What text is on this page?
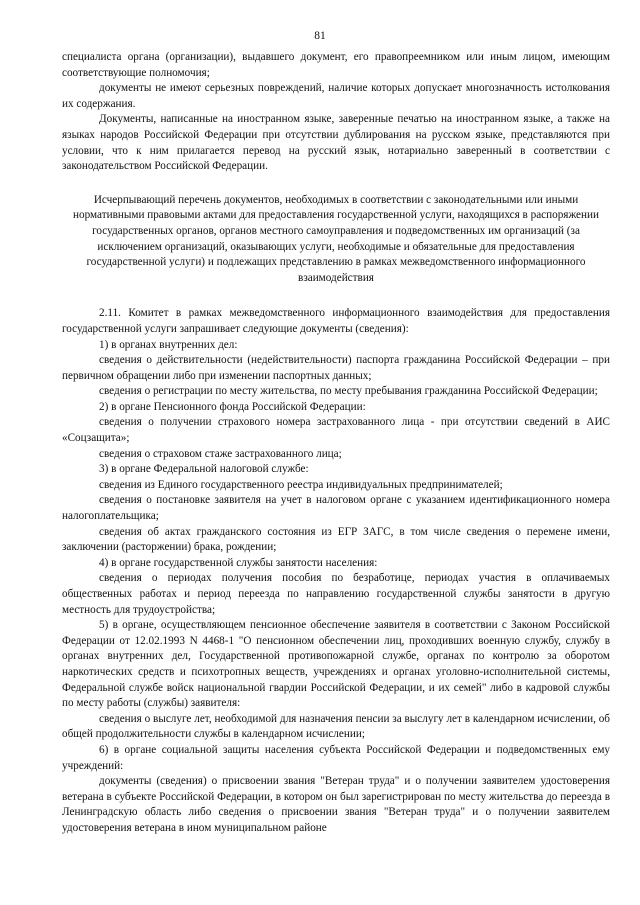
81

специалиста органа (организации), выдавшего документ, его правопреемником или иным лицом, имеющим соответствующие полномочия;

документы не имеют серьезных повреждений, наличие которых допускает многозначность истолкования их содержания.

Документы, написанные на иностранном языке, заверенные печатью на иностранном языке, а также на языках народов Российской Федерации при отсутствии дублирования на русском языке, представляются при условии, что к ним прилагается перевод на русский язык, нотариально заверенный в соответствии с законодательством Российской Федерации.

Исчерпывающий перечень документов, необходимых в соответствии с законодательными или иными нормативными правовыми актами для предоставления государственной услуги, находящихся в распоряжении государственных органов, органов местного самоуправления и подведомственных им организаций (за исключением организаций, оказывающих услуги, необходимые и обязательные для предоставления государственной услуги) и подлежащих представлению в рамках межведомственного информационного взаимодействия

2.11. Комитет в рамках межведомственного информационного взаимодействия для предоставления государственной услуги запрашивает следующие документы (сведения):

1) в органах внутренних дел:

сведения о действительности (недействительности) паспорта гражданина Российской Федерации – при первичном обращении либо при изменении паспортных данных;

сведения о регистрации по месту жительства, по месту пребывания гражданина Российской Федерации;

2) в органе Пенсионного фонда Российской Федерации:

сведения о получении страхового номера застрахованного лица - при отсутствии сведений в АИС «Соцзащита»;

сведения о страховом стаже застрахованного лица;

3) в органе Федеральной налоговой службе:

сведения из Единого государственного реестра индивидуальных предпринимателей;

сведения о постановке заявителя на учет в налоговом органе с указанием идентификационного номера налогоплательщика;

сведения об актах гражданского состояния из ЕГР ЗАГС, в том числе сведения о перемене имени, заключении (расторжении) брака, рождении;

4) в органе государственной службы занятости населения:

сведения о периодах получения пособия по безработице, периодах участия в оплачиваемых общественных работах и период переезда по направлению государственной службы занятости в другую местность для трудоустройства;

5) в органе, осуществляющем пенсионное обеспечение заявителя в соответствии с Законом Российской Федерации от 12.02.1993 N 4468-1 "О пенсионном обеспечении лиц, проходивших военную службу, службу в органах внутренних дел, Государственной противопожарной службе, органах по контролю за оборотом наркотических средств и психотропных веществ, учреждениях и органах уголовно-исполнительной системы, Федеральной службе войск национальной гвардии Российской Федерации, и их семей" либо в кадровой службы по месту работы (службы) заявителя:

сведения о выслуге лет, необходимой для назначения пенсии за выслугу лет в календарном исчислении, об общей продолжительности службы в календарном исчислении;

6) в органе социальной защиты населения субъекта Российской Федерации и подведомственных ему учреждений:

документы (сведения) о присвоении звания "Ветеран труда" и о получении заявителем удостоверения ветерана в субъекте Российской Федерации, в котором он был зарегистрирован по месту жительства до переезда в Ленинградскую область либо сведения о присвоении звания "Ветеран труда" и о получении заявителем удостоверения ветерана в ином муниципальном районе
